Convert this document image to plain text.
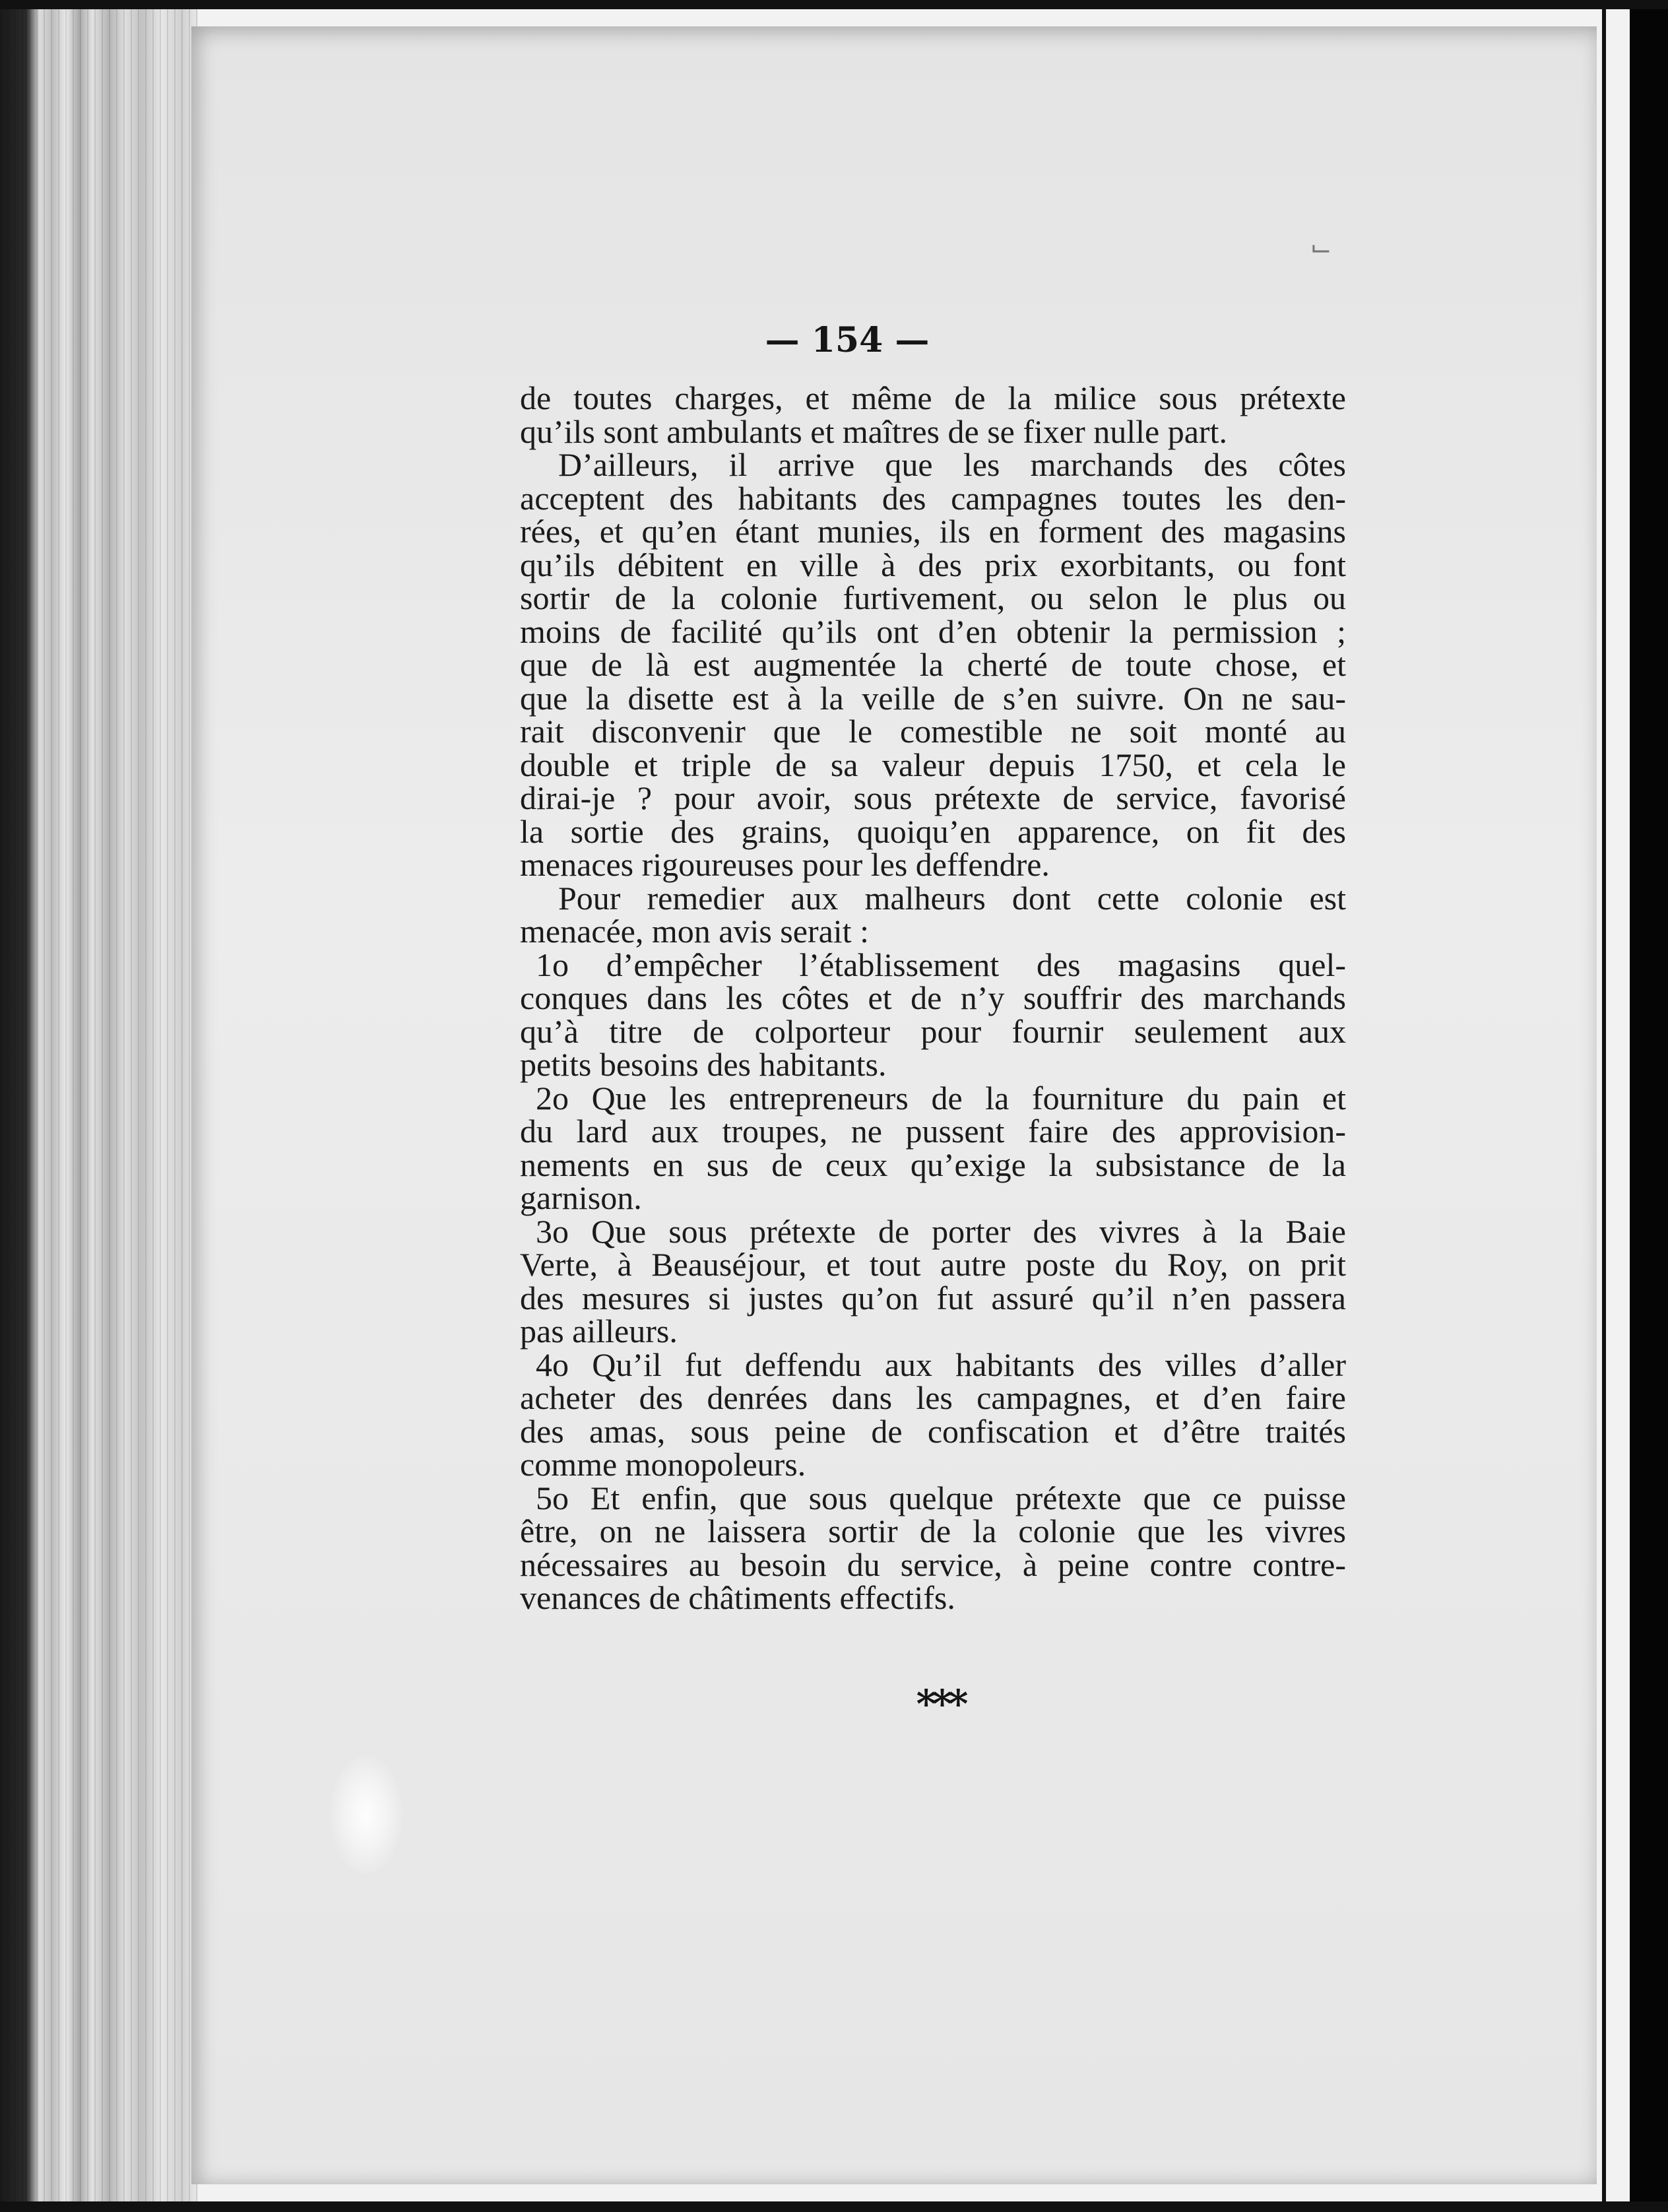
⌙
— 154 —
de toutes charges, et même de la milice sous prétexte
qu’ils sont ambulants et maîtres de se fixer nulle part.
D’ailleurs, il arrive que les marchands des côtes
acceptent des habitants des campagnes toutes les den-
rées, et qu’en étant munies, ils en forment des magasins
qu’ils débitent en ville à des prix exorbitants, ou font
sortir de la colonie furtivement, ou selon le plus ou
moins de facilité qu’ils ont d’en obtenir la permission ;
que de là est augmentée la cherté de toute chose, et
que la disette est à la veille de s’en suivre. On ne sau-
rait disconvenir que le comestible ne soit monté au
double et triple de sa valeur depuis 1750, et cela le
dirai-je ? pour avoir, sous prétexte de service, favorisé
la sortie des grains, quoiqu’en apparence, on fit des
menaces rigoureuses pour les deffendre.
Pour remedier aux malheurs dont cette colonie est
menacée, mon avis serait :
1o d’empêcher l’établissement des magasins quel-
conques dans les côtes et de n’y souffrir des marchands
qu’à titre de colporteur pour fournir seulement aux
petits besoins des habitants.
2o Que les entrepreneurs de la fourniture du pain et
du lard aux troupes, ne pussent faire des approvision-
nements en sus de ceux qu’exige la subsistance de la
garnison.
3o Que sous prétexte de porter des vivres à la Baie
Verte, à Beauséjour, et tout autre poste du Roy, on prit
des mesures si justes qu’on fut assuré qu’il n’en passera
pas ailleurs.
4o Qu’il fut deffendu aux habitants des villes d’aller
acheter des denrées dans les campagnes, et d’en faire
des amas, sous peine de confiscation et d’être traités
comme monopoleurs.
5o Et enfin, que sous quelque prétexte que ce puisse
être, on ne laissera sortir de la colonie que les vivres
nécessaires au besoin du service, à peine contre contre-
venances de châtiments effectifs.
***
